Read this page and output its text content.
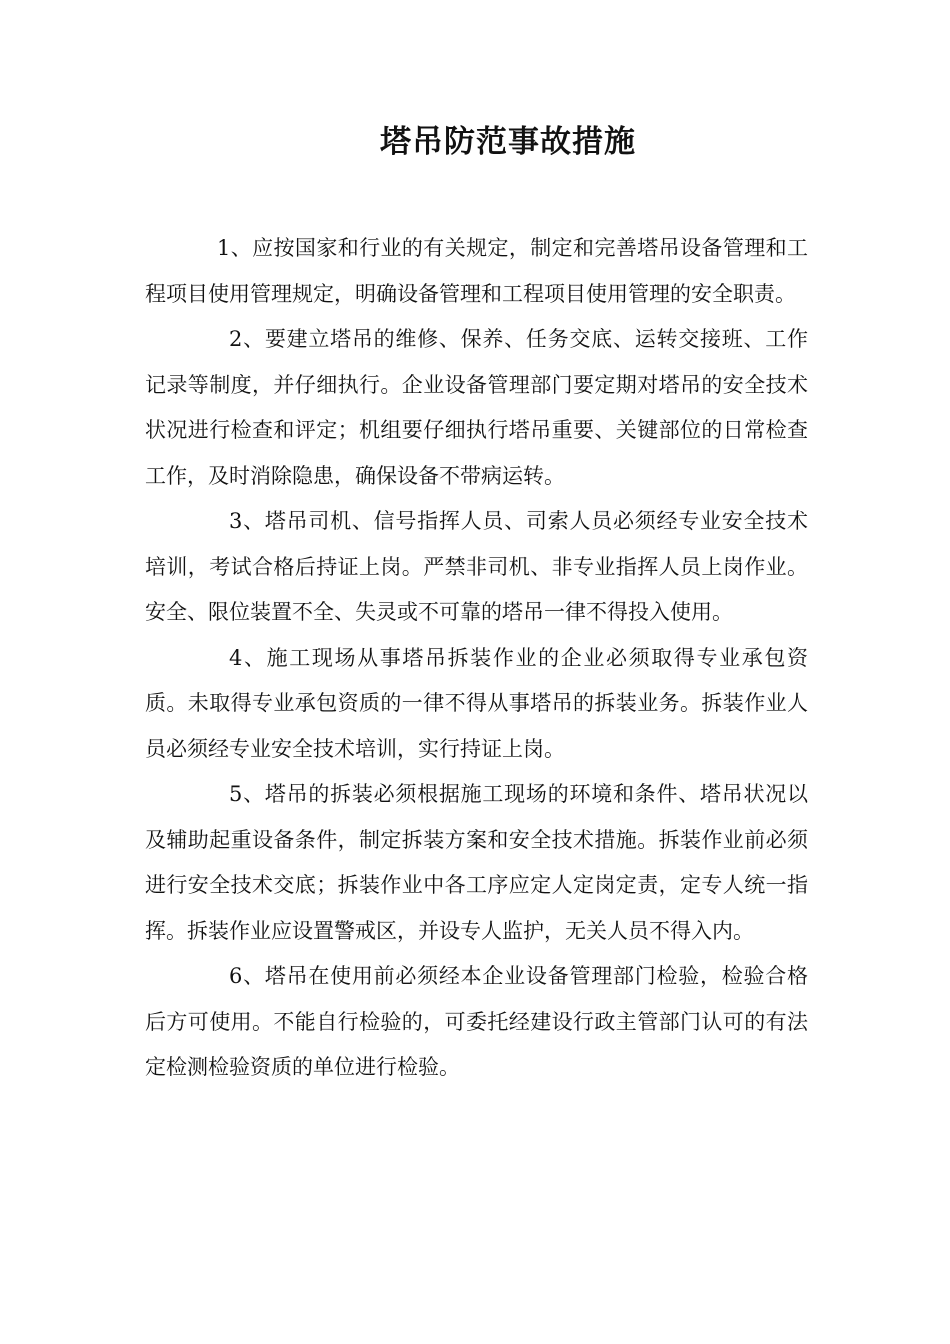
塔吊防范事故措施

1、应按国家和行业的有关规定，制定和完善塔吊设备管理和工程项目使用管理规定，明确设备管理和工程项目使用管理的安全职责。

2、要建立塔吊的维修、保养、任务交底、运转交接班、工作记录等制度，并仔细执行。企业设备管理部门要定期对塔吊的安全技术状况进行检查和评定；机组要仔细执行塔吊重要、关键部位的日常检查工作，及时消除隐患，确保设备不带病运转。

3、塔吊司机、信号指挥人员、司索人员必须经专业安全技术培训，考试合格后持证上岗。严禁非司机、非专业指挥人员上岗作业。安全、限位装置不全、失灵或不可靠的塔吊一律不得投入使用。

4、施工现场从事塔吊拆装作业的企业必须取得专业承包资质。未取得专业承包资质的一律不得从事塔吊的拆装业务。拆装作业人员必须经专业安全技术培训，实行持证上岗。

5、塔吊的拆装必须根据施工现场的环境和条件、塔吊状况以及辅助起重设备条件，制定拆装方案和安全技术措施。拆装作业前必须进行安全技术交底；拆装作业中各工序应定人定岗定责，定专人统一指挥。拆装作业应设置警戒区，并设专人监护，无关人员不得入内。

6、塔吊在使用前必须经本企业设备管理部门检验，检验合格后方可使用。不能自行检验的，可委托经建设行政主管部门认可的有法定检测检验资质的单位进行检验。
